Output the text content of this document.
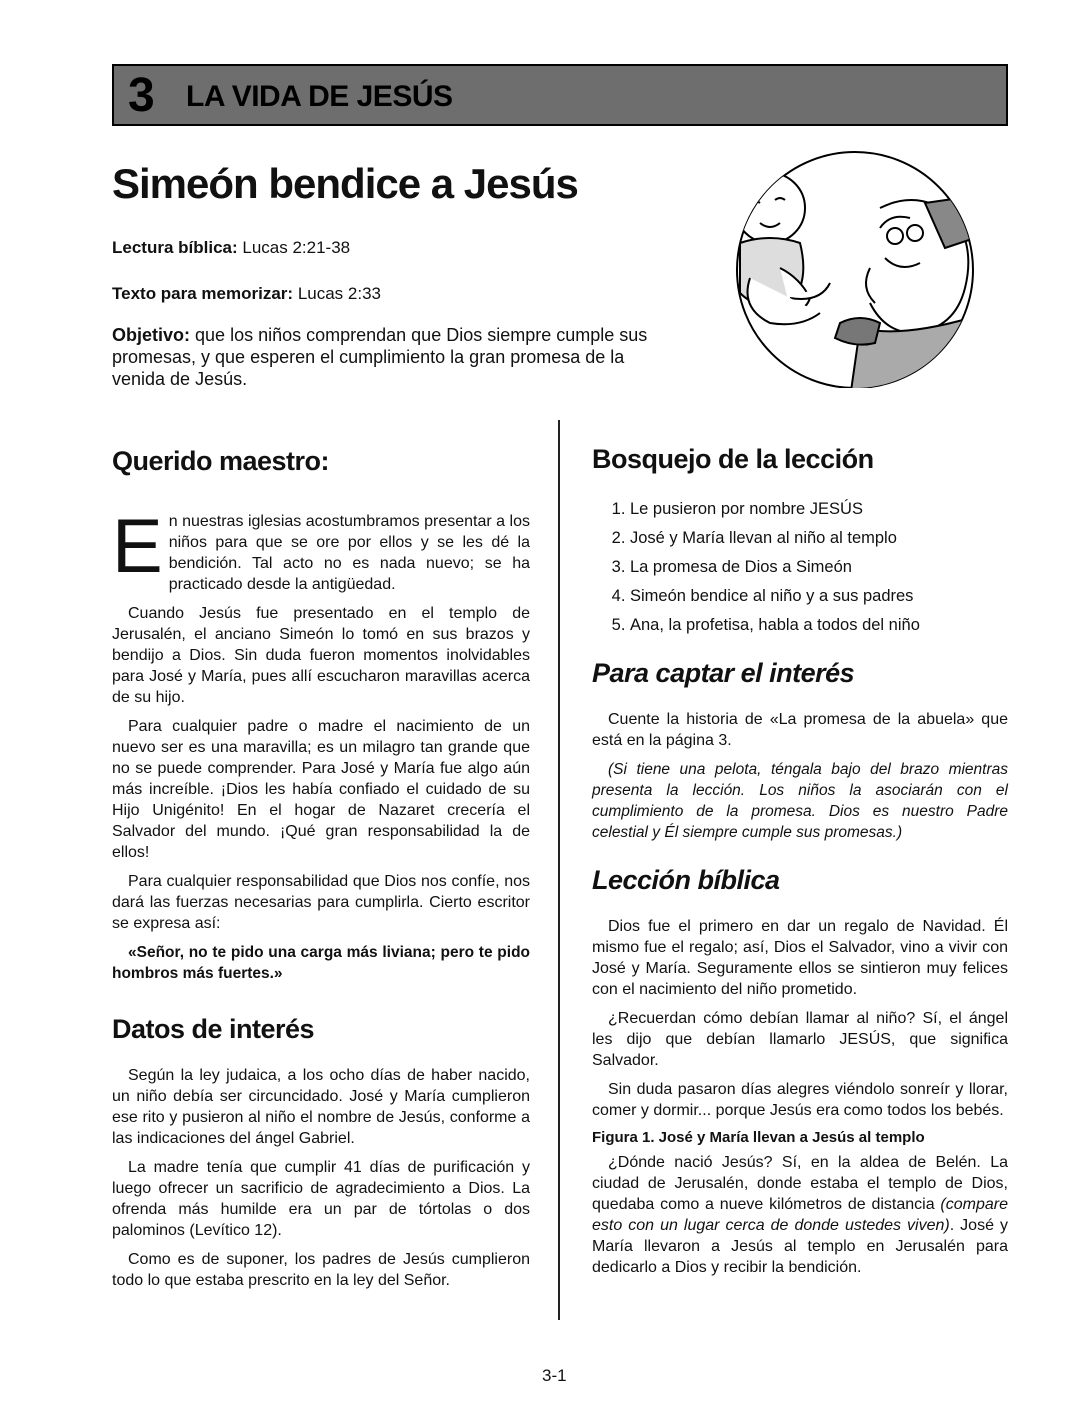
3 LA VIDA DE JESÚS
Simeón bendice a Jesús
Lectura bíblica: Lucas 2:21-38
Texto para memorizar: Lucas 2:33
Objetivo: que los niños comprendan que Dios siempre cumple sus promesas, y que esperen el cumplimiento la gran promesa de la venida de Jesús.
Querido maestro:

En nuestras iglesias acostumbramos presentar a los niños para que se ore por ellos y se les dé la bendición. Tal acto no es nada nuevo; se ha practicado desde la antigüedad.

Cuando Jesús fue presentado en el templo de Jerusalén, el anciano Simeón lo tomó en sus brazos y bendijo a Dios. Sin duda fueron momentos inolvidables para José y María, pues allí escucharon maravillas acerca de su hijo.

Para cualquier padre o madre el nacimiento de un nuevo ser es una maravilla; es un milagro tan grande que no se puede comprender. Para José y María fue algo aún más increíble. ¡Dios les había confiado el cuidado de su Hijo Unigénito! En el hogar de Nazaret crecería el Salvador del mundo. ¡Qué gran responsabilidad la de ellos!

Para cualquier responsabilidad que Dios nos confíe, nos dará las fuerzas necesarias para cumplirla. Cierto escritor se expresa así:

«Señor, no te pido una carga más liviana; pero te pido hombros más fuertes.»

Datos de interés

Según la ley judaica, a los ocho días de haber nacido, un niño debía ser circuncidado. José y María cumplieron ese rito y pusieron al niño el nombre de Jesús, conforme a las indicaciones del ángel Gabriel.

La madre tenía que cumplir 41 días de purificación y luego ofrecer un sacrificio de agradecimiento a Dios. La ofrenda más humilde era un par de tórtolas o dos palominos (Levítico 12).

Como es de suponer, los padres de Jesús cumplieron todo lo que estaba prescrito en la ley del Señor.

Bosquejo de la lección
1. Le pusieron por nombre JESÚS
2. José y María llevan al niño al templo
3. La promesa de Dios a Simeón
4. Simeón bendice al niño y a sus padres
5. Ana, la profetisa, habla a todos del niño
Para captar el interés

Cuente la historia de «La promesa de la abuela» que está en la página 3.

(Si tiene una pelota, téngala bajo del brazo mientras presenta la lección. Los niños la asociarán con el cumplimiento de la promesa. Dios es nuestro Padre celestial y Él siempre cumple sus promesas.)

Lección bíblica

Dios fue el primero en dar un regalo de Navidad. Él mismo fue el regalo; así, Dios el Salvador, vino a vivir con José y María. Seguramente ellos se sintieron muy felices con el nacimiento del niño prometido.

¿Recuerdan cómo debían llamar al niño? Sí, el ángel les dijo que debían llamarlo JESÚS, que significa Salvador.

Sin duda pasaron días alegres viéndolo sonreír y llorar, comer y dormir... porque Jesús era como todos los bebés.

Figura 1. José y María llevan a Jesús al templo

¿Dónde nació Jesús? Sí, en la aldea de Belén. La ciudad de Jerusalén, donde estaba el templo de Dios, quedaba como a nueve kilómetros de distancia (compare esto con un lugar cerca de donde ustedes viven). José y María llevaron a Jesús al templo en Jerusalén para dedicarlo a Dios y recibir la bendición.

3-1
